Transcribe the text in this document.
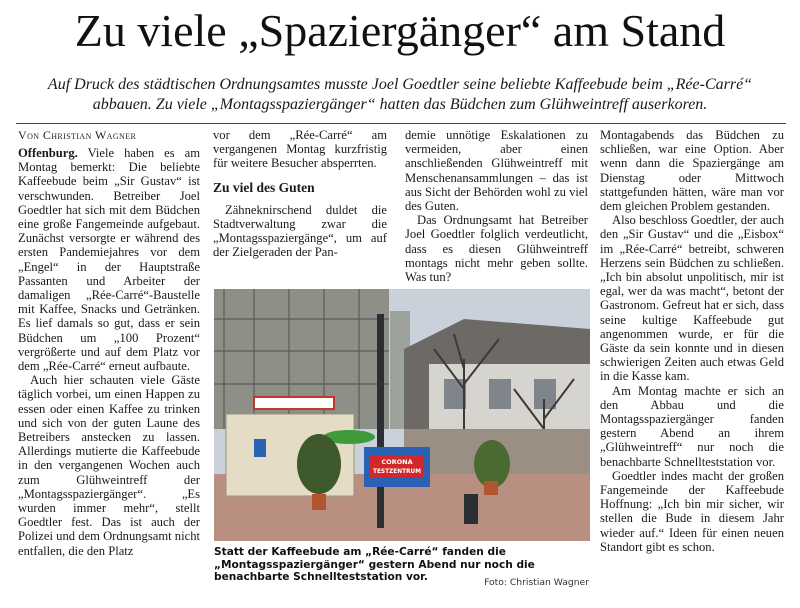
Zu viele „Spaziergänger“ am Stand
Auf Druck des städtischen Ordnungsamtes musste Joel Goedtler seine beliebte Kaffeebude beim „Rée-Carré“ abbauen. Zu viele „Montagsspaziergänger“ hatten das Büdchen zum Glühweintreff auserkoren.
Von Christian Wagner

Offenburg. Viele haben es am Montag bemerkt: Die beliebte Kaffeebude beim „Sir Gustav“ ist verschwunden. Betreiber Joel Goedtler hat sich mit dem Büdchen eine große Fangemeinde aufgebaut. Zunächst versorgte er während des ersten Pandemiejahres vor dem „Engel“ in der Hauptstraße Passanten und Arbeiter der damaligen „Rée-Carré“-Baustelle mit Kaffee, Snacks und Getränken. Es lief damals so gut, dass er sein Büdchen um „100 Prozent“ vergrößerte und auf dem Platz vor dem „Rée-Carré“ erneut aufbaute.

Auch hier schauten viele Gäste täglich vorbei, um einen Happen zu essen oder einen Kaffee zu trinken und sich von der guten Laune des Betreibers anstecken zu lassen. Allerdings mutierte die Kaffeebude in den vergangenen Wochen auch zum Glühweintreff der „Montagsspaziergänger“. „Es wurden immer mehr“, stellt Goedtler fest. Das ist auch der Polizei und dem Ordnungsamt nicht entfallen, die den Platz

vor dem „Rée-Carré“ am vergangenen Montag kurzfristig für weitere Besucher absperrten.

Zu viel des Guten

Zähneknirschend duldet die Stadtverwaltung zwar die „Montagsspaziergänge“, um auf der Zielgeraden der Pan-

demie unnötige Eskalationen zu vermeiden, aber einen anschließenden Glühweintreff mit Menschenansammlungen – das ist aus Sicht der Behörden wohl zu viel des Guten.

Das Ordnungsamt hat Betreiber Joel Goedtler folglich verdeutlicht, dass es diesen Glühweintreff montags nicht mehr geben sollte. Was tun?

Montagabends das Büdchen zu schließen, war eine Option. Aber wenn dann die Spaziergänge am Dienstag oder Mittwoch stattgefunden hätten, wäre man vor dem gleichen Problem gestanden.

Also beschloss Goedtler, der auch den „Sir Gustav“ und die „Eisbox“ im „Rée-Carré“ betreibt, schweren Herzens sein Büdchen zu schließen. „Ich bin absolut unpolitisch, mir ist egal, wer da was macht“, betont der Gastronom. Gefreut hat er sich, dass seine kultige Kaffeebude gut angenommen wurde, er für die Gäste da sein konnte und in diesen schwierigen Zeiten auch etwas Geld in die Kasse kam.

Am Montag machte er sich an den Abbau und die Montagsspaziergänger fanden gestern Abend an ihrem „Glühweintreff“ nur noch die benachbarte Schnellteststation vor.

Goedtler indes macht der großen Fangemeinde der Kaffeebude Hoffnung: „Ich bin mir sicher, wir stellen die Bude in diesem Jahr wieder auf.“ Ideen für einen neuen Standort gibt es schon.

CORONA
TESTZENTRUM
Statt der Kaffeebude am „Rée-Carré“ fanden die „Montagsspaziergänger“ gestern Abend nur noch die benachbarte Schnellteststation vor.	Foto: Christian Wagner
